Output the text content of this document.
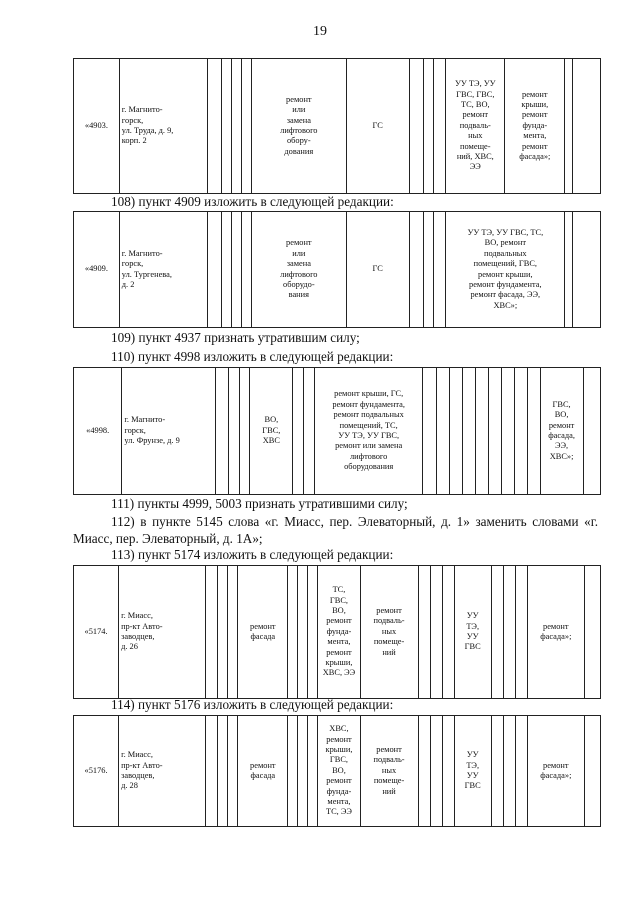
19
«4903.	г. Магнито-
горск,
ул. Труда, д. 9,
корп. 2					ремонт
или
замена
лифтового
обору-
дования	ГС				УУ ТЭ, УУ
ГВС, ГВС,
ТС, ВО,
ремонт
подваль-
ных
помеще-
ний, ХВС,
ЭЭ	ремонт
крыши,
ремонт
фунда-
мента,
ремонт
фасада»;		
108) пункт 4909 изложить в следующей редакции:
«4909.	г. Магнито-
горск,
ул. Тургенева,
д. 2					ремонт
или
замена
лифтового
оборудо-
вания	ГС				УУ ТЭ, УУ ГВС, ТС,
ВО, ремонт
подвальных
помещений, ГВС,
ремонт крыши,
ремонт фундамента,
ремонт фасада, ЭЭ,
ХВС»;		
109) пункт 4937 признать утратившим силу;
110) пункт 4998 изложить в следующей редакции:
«4998.	г. Магнито-
горск,
ул. Фрунзе, д. 9				ВО,
ГВС,
ХВС			ремонт крыши, ГС,
ремонт фундамента,
ремонт подвальных
помещений, ТС,
УУ ТЭ, УУ ГВС,
ремонт или замена
лифтового
оборудования										ГВС,
ВО,
ремонт
фасада,
ЭЭ,
ХВС»;	
111) пункты 4999, 5003 признать утратившими силу;
112) в пункте 5145 слова «г. Миасс, пер. Элеваторный, д. 1» заменить словами «г. Миасс, пер. Элеваторный, д. 1А»;
113) пункт 5174 изложить в следующей редакции:
«5174.	г. Миасс,
пр-кт Авто-
заводцев,
д. 26				ремонт
фасада				ТС,
ГВС,
ВО,
ремонт
фунда-
мента,
ремонт
крыши,
ХВС, ЭЭ	ремонт
подваль-
ных
помеще-
ний				УУ
ТЭ,
УУ
ГВС				ремонт
фасада»;	
114) пункт 5176 изложить в следующей редакции:
«5176.	г. Миасс,
пр-кт Авто-
заводцев,
д. 28				ремонт
фасада				ХВС,
ремонт
крыши,
ГВС,
ВО,
ремонт
фунда-
мента,
ТС, ЭЭ	ремонт
подваль-
ных
помеще-
ний				УУ
ТЭ,
УУ
ГВС				ремонт
фасада»;	
